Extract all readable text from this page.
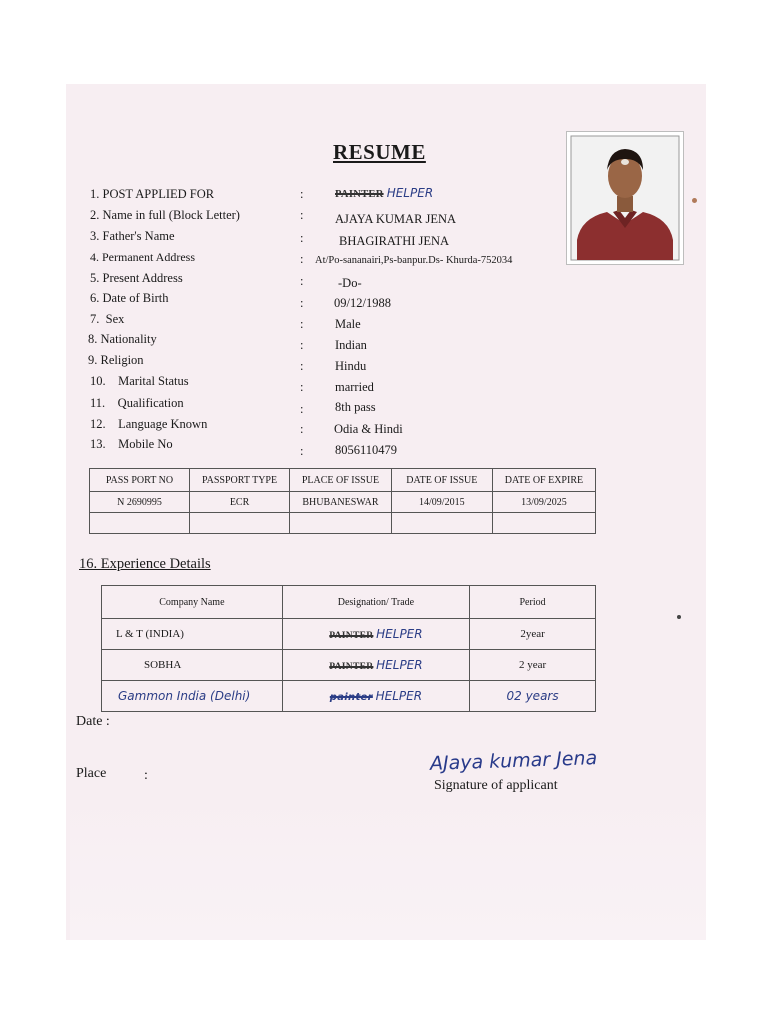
RESUME
1. POST APPLIED FOR	:	PAINTER HELPER
2. Name in full (Block Letter)	:	AJAYA KUMAR JENA
3. Father's Name	:	BHAGIRATHI JENA
4. Permanent Address	: At/Po-sananairi,Ps-banpur.Ds- Khurda-752034
5. Present Address	:	-Do-
6. Date of Birth	: 09/12/1988
7. Sex	:	Male
8. Nationality	:	Indian
9. Religion	:	Hindu
10. Marital Status	:	married
11. Qualification	:	8th pass
12. Language Known	: Odia & Hindi
13. Mobile No	:	8056110479
PASS PORT NO	PASSPORT TYPE	PLACE OF ISSUE	DATE OF ISSUE	DATE OF EXPIRE
N 2690995	ECR	BHUBANESWAR	14/09/2015	13/09/2025

16. Experience Details
Company Name	Designation/ Trade	Period
L & T (INDIA)	PAINTER HELPER	2year
SOBHA	PAINTER HELPER	2 year
Gammon India (Delhi)	painter HELPER	02 years
Date :
Place	:
AJaya kumar Jena
Signature of applicant
